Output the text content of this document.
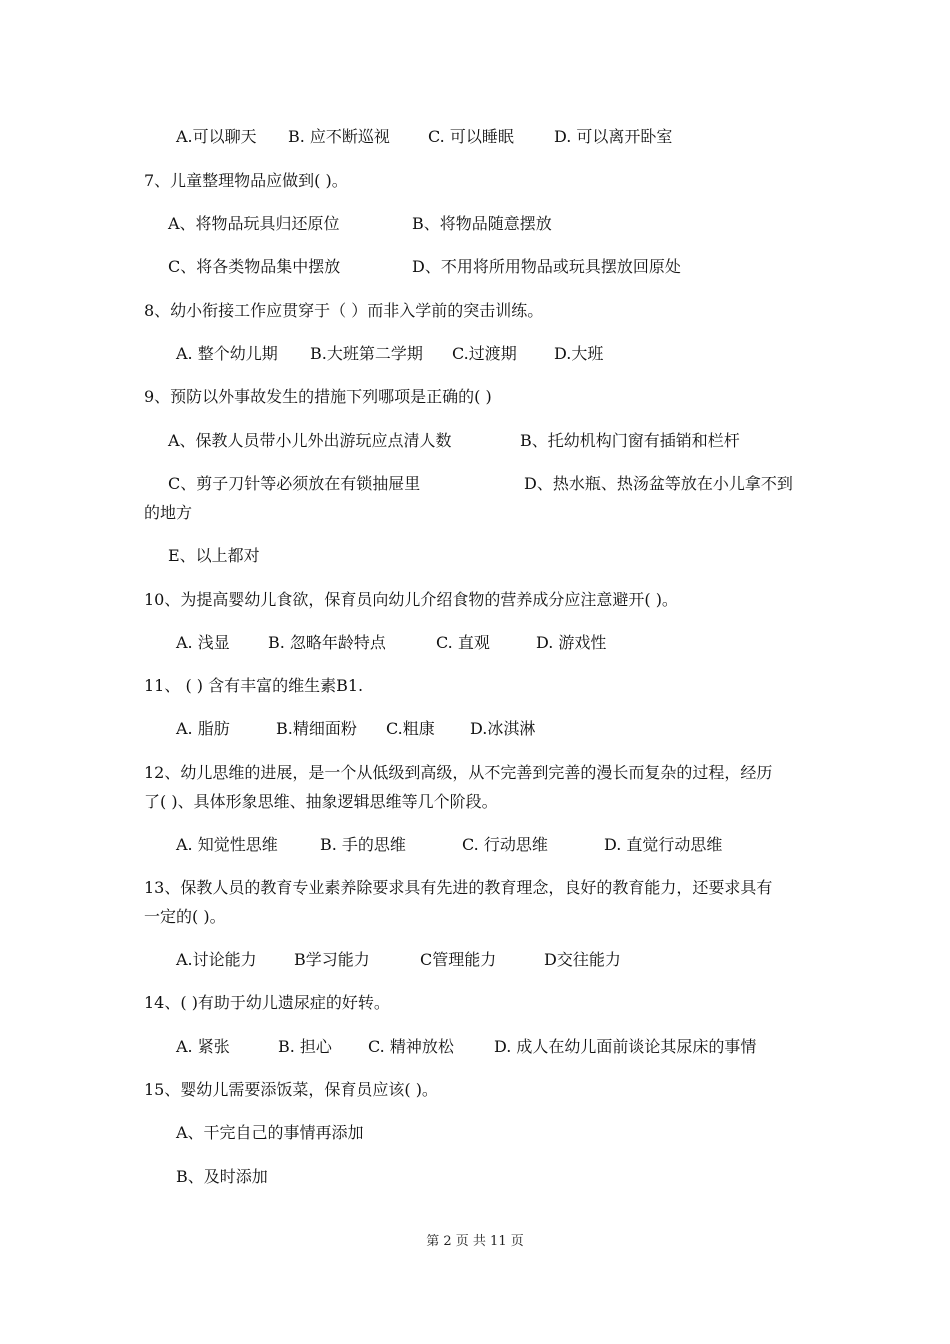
A.可以聊天 B. 应不断巡视 C. 可以睡眠	D. 可以离开卧室
7、儿童整理物品应做到( )。
A、将物品玩具归还原位	B、将物品随意摆放
C、将各类物品集中摆放	D、不用将所用物品或玩具摆放回原处
8、幼小衔接工作应贯穿于（ ）而非入学前的突击训练。
A. 整个幼儿期 B.大班第二学期 C.过渡期 D.大班
9、预防以外事故发生的措施下列哪项是正确的( )
A、保教人员带小儿外出游玩应点清人数	B、托幼机构门窗有插销和栏杆
C、剪子刀针等必须放在有锁抽屉里	D、热水瓶、热汤盆等放在小儿拿不到
的地方
E、以上都对
10、为提高婴幼儿食欲，保育员向幼儿介绍食物的营养成分应注意避开( )。
A. 浅显 B. 忽略年龄特点	C. 直观	D. 游戏性
11、 ( ) 含有丰富的维生素B1.
A. 脂肪	B.精细面粉 C.粗康 D.冰淇淋
12、幼儿思维的进展，是一个从低级到高级，从不完善到完善的漫长而复杂的过程，经历
了( )、具体形象思维、抽象逻辑思维等几个阶段。
A. 知觉性思维	B. 手的思维	C. 行动思维	D. 直觉行动思维
13、保教人员的教育专业素养除要求具有先进的教育理念，良好的教育能力，还要求具有
一定的( )。
A.讨论能力 B学习能力	C管理能力	D交往能力
14、( )有助于幼儿遗尿症的好转。
A. 紧张	B. 担心 C. 精神放松	D. 成人在幼儿面前谈论其尿床的事情
15、婴幼儿需要添饭菜，保育员应该( )。
A、干完自己的事情再添加
B、及时添加
第 2 页 共 11 页
